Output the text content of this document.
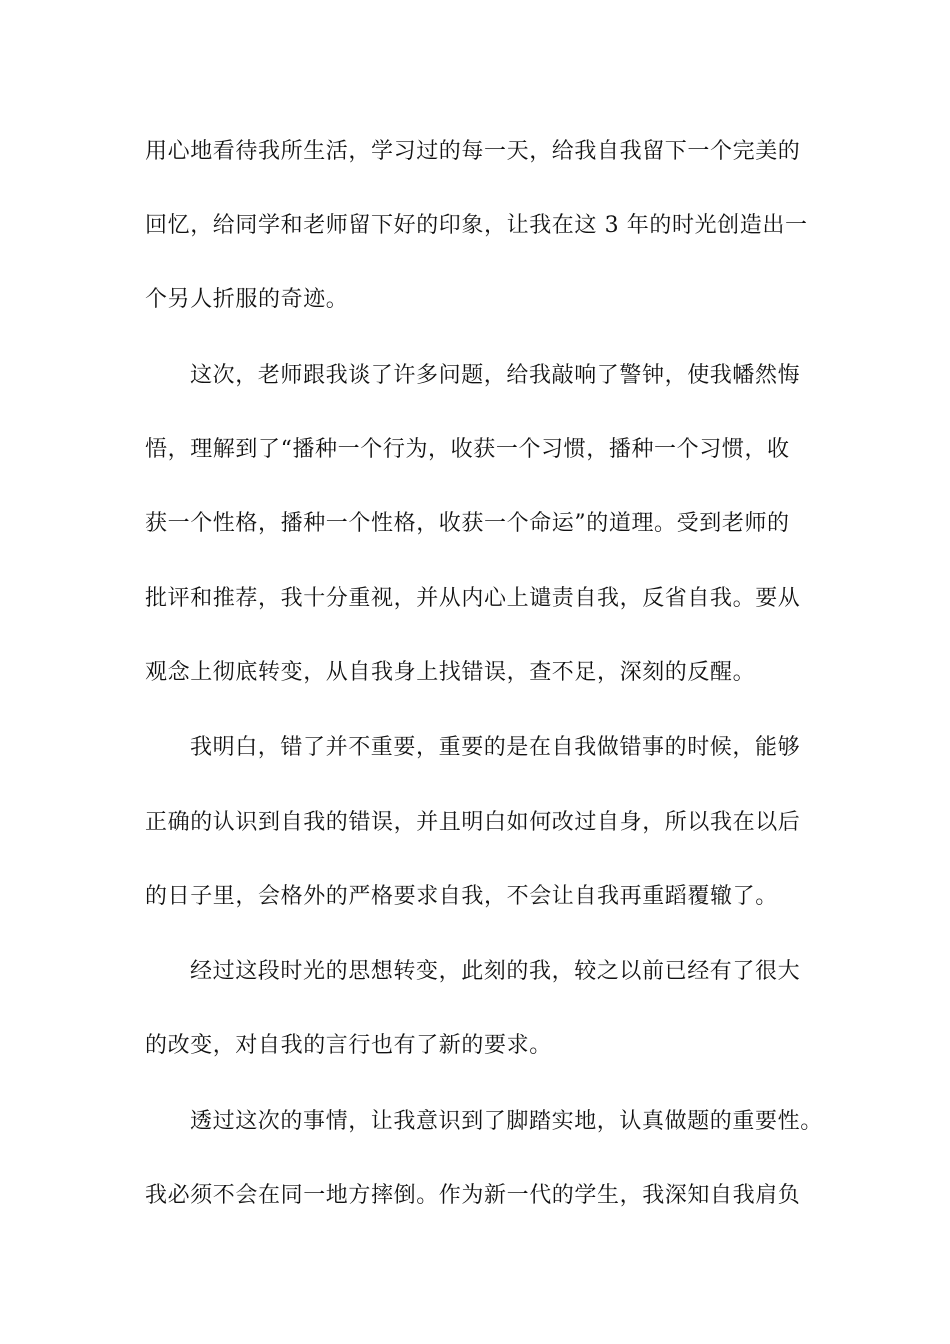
用心地看待我所生活，学习过的每一天，给我自我留下一个完美的
回忆，给同学和老师留下好的印象，让我在这 3 年的时光创造出一
个另人折服的奇迹。
这次，老师跟我谈了许多问题，给我敲响了警钟，使我幡然悔
悟，理解到了“播种一个行为，收获一个习惯，播种一个习惯，收
获一个性格，播种一个性格，收获一个命运”的道理。受到老师的
批评和推荐，我十分重视，并从内心上谴责自我，反省自我。要从
观念上彻底转变，从自我身上找错误，查不足，深刻的反醒。
我明白，错了并不重要，重要的是在自我做错事的时候，能够
正确的认识到自我的错误，并且明白如何改过自身，所以我在以后
的日子里，会格外的严格要求自我，不会让自我再重蹈覆辙了。
经过这段时光的思想转变，此刻的我，较之以前已经有了很大
的改变，对自我的言行也有了新的要求。
透过这次的事情，让我意识到了脚踏实地，认真做题的重要性。
我必须不会在同一地方摔倒。作为新一代的学生，我深知自我肩负
